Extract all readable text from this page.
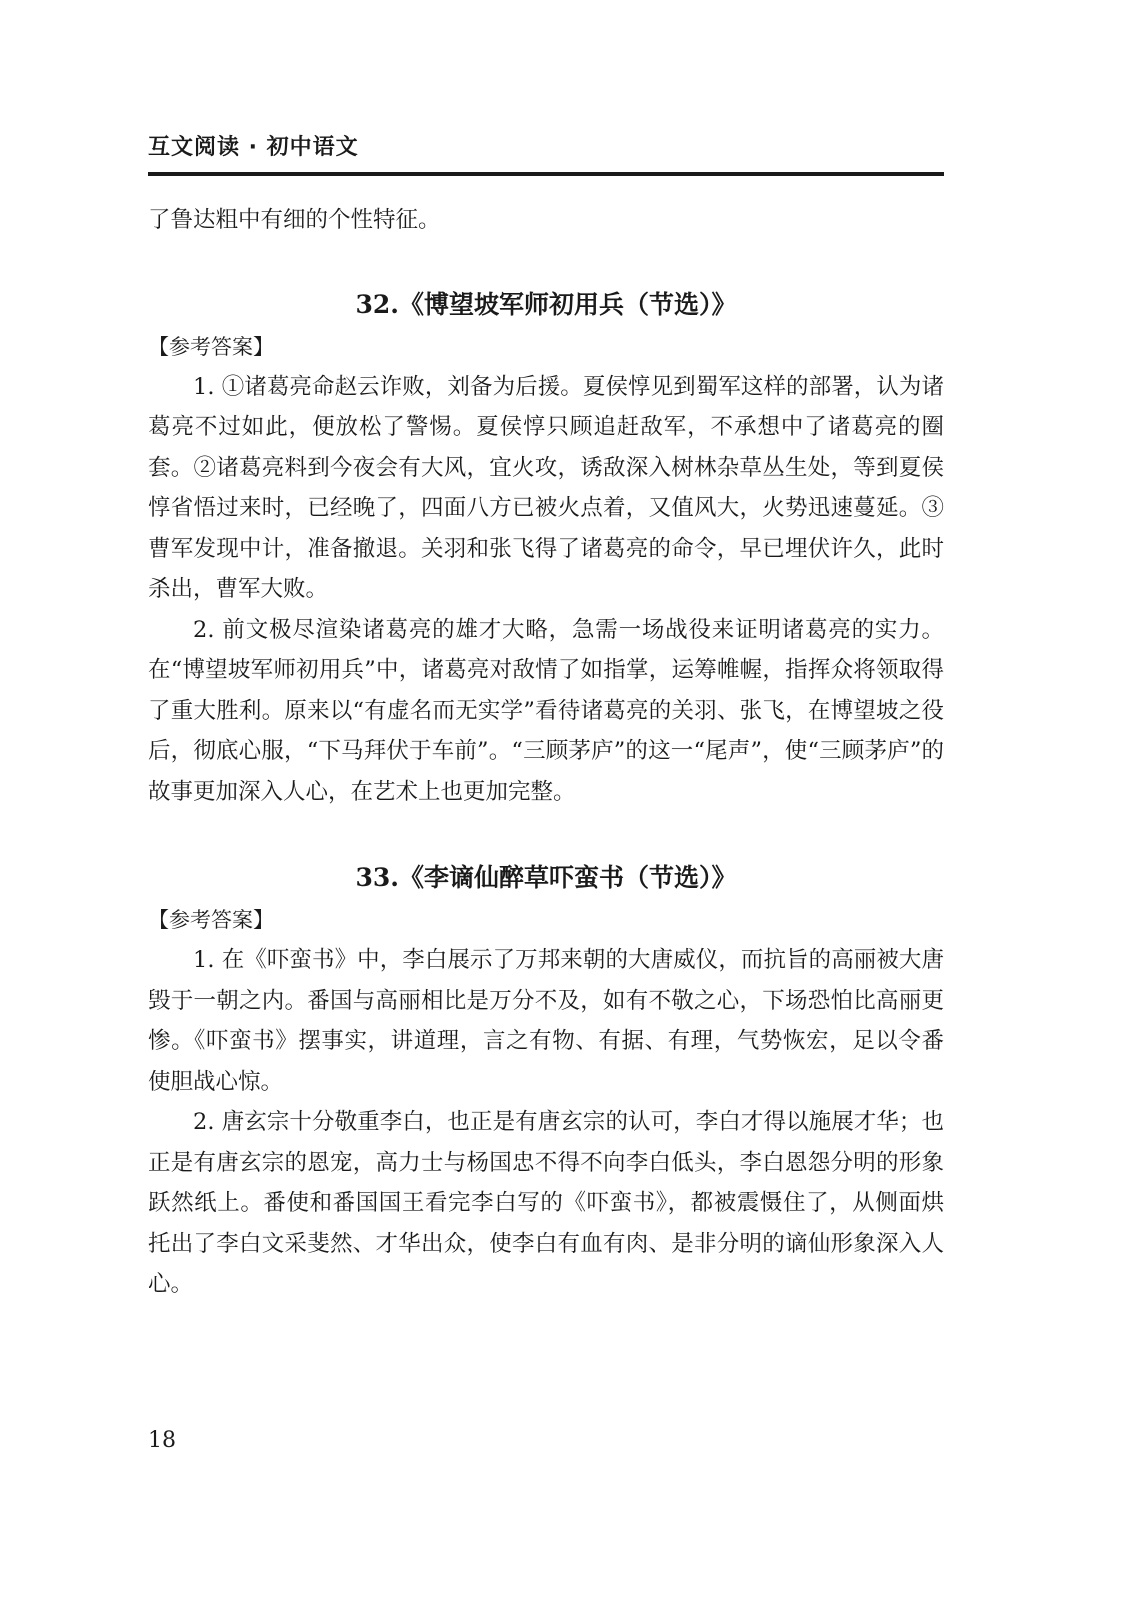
互文阅读 · 初中语文

了鲁达粗中有细的个性特征。

32.《博望坡军师初用兵（节选）》

【参考答案】

1. ①诸葛亮命赵云诈败，刘备为后援。夏侯惇见到蜀军这样的部署，认为诸葛亮不过如此，便放松了警惕。夏侯惇只顾追赶敌军，不承想中了诸葛亮的圈套。②诸葛亮料到今夜会有大风，宜火攻，诱敌深入树林杂草丛生处，等到夏侯惇省悟过来时，已经晚了，四面八方已被火点着，又值风大，火势迅速蔓延。③曹军发现中计，准备撤退。关羽和张飞得了诸葛亮的命令，早已埋伏许久，此时杀出，曹军大败。

2. 前文极尽渲染诸葛亮的雄才大略，急需一场战役来证明诸葛亮的实力。在“博望坡军师初用兵”中，诸葛亮对敌情了如指掌，运筹帷幄，指挥众将领取得了重大胜利。原来以“有虚名而无实学”看待诸葛亮的关羽、张飞，在博望坡之役后，彻底心服，“下马拜伏于车前”。“三顾茅庐”的这一“尾声”，使“三顾茅庐”的故事更加深入人心，在艺术上也更加完整。

33.《李谪仙醉草吓蛮书（节选）》

【参考答案】

1. 在《吓蛮书》中，李白展示了万邦来朝的大唐威仪，而抗旨的高丽被大唐毁于一朝之内。番国与高丽相比是万分不及，如有不敬之心，下场恐怕比高丽更惨。《吓蛮书》摆事实，讲道理，言之有物、有据、有理，气势恢宏，足以令番使胆战心惊。

2. 唐玄宗十分敬重李白，也正是有唐玄宗的认可，李白才得以施展才华；也正是有唐玄宗的恩宠，高力士与杨国忠不得不向李白低头，李白恩怨分明的形象跃然纸上。番使和番国国王看完李白写的《吓蛮书》，都被震慑住了，从侧面烘托出了李白文采斐然、才华出众，使李白有血有肉、是非分明的谪仙形象深入人心。

18
